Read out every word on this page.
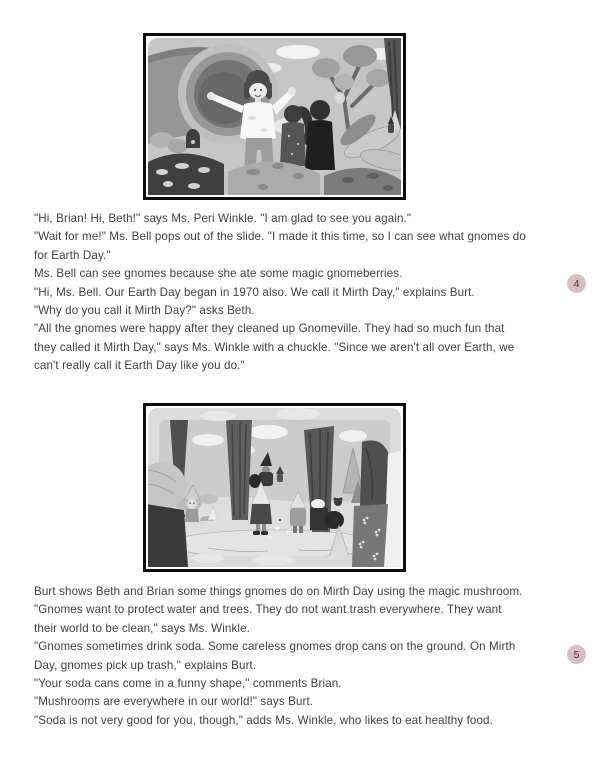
"Hi, Brian! Hi, Beth!" says Ms. Peri Winkle. "I am glad to see you again."
"Wait for me!" Ms. Bell pops out of the slide. "I made it this time, so I can see what gnomes do
for Earth Day."
Ms. Bell can see gnomes because she ate some magic gnomeberries.
"Hi, Ms. Bell. Our Earth Day began in 1970 also. We call it Mirth Day," explains Burt.
"Why do you call it Mirth Day?" asks Beth.
"All the gnomes were happy after they cleaned up Gnomeville. They had so much fun that
they called it Mirth Day," says Ms. Winkle with a chuckle. "Since we aren't all over Earth, we
can't really call it Earth Day like you do."
4
Burt shows Beth and Brian some things gnomes do on Mirth Day using the magic mushroom.
"Gnomes want to protect water and trees. They do not want trash everywhere. They want
their world to be clean," says Ms. Winkle.
"Gnomes sometimes drink soda. Some careless gnomes drop cans on the ground. On Mirth
Day, gnomes pick up trash," explains Burt.
"Your soda cans come in a funny shape," comments Brian.
"Mushrooms are everywhere in our world!" says Burt.
"Soda is not very good for you, though," adds Ms. Winkle, who likes to eat healthy food.
5
